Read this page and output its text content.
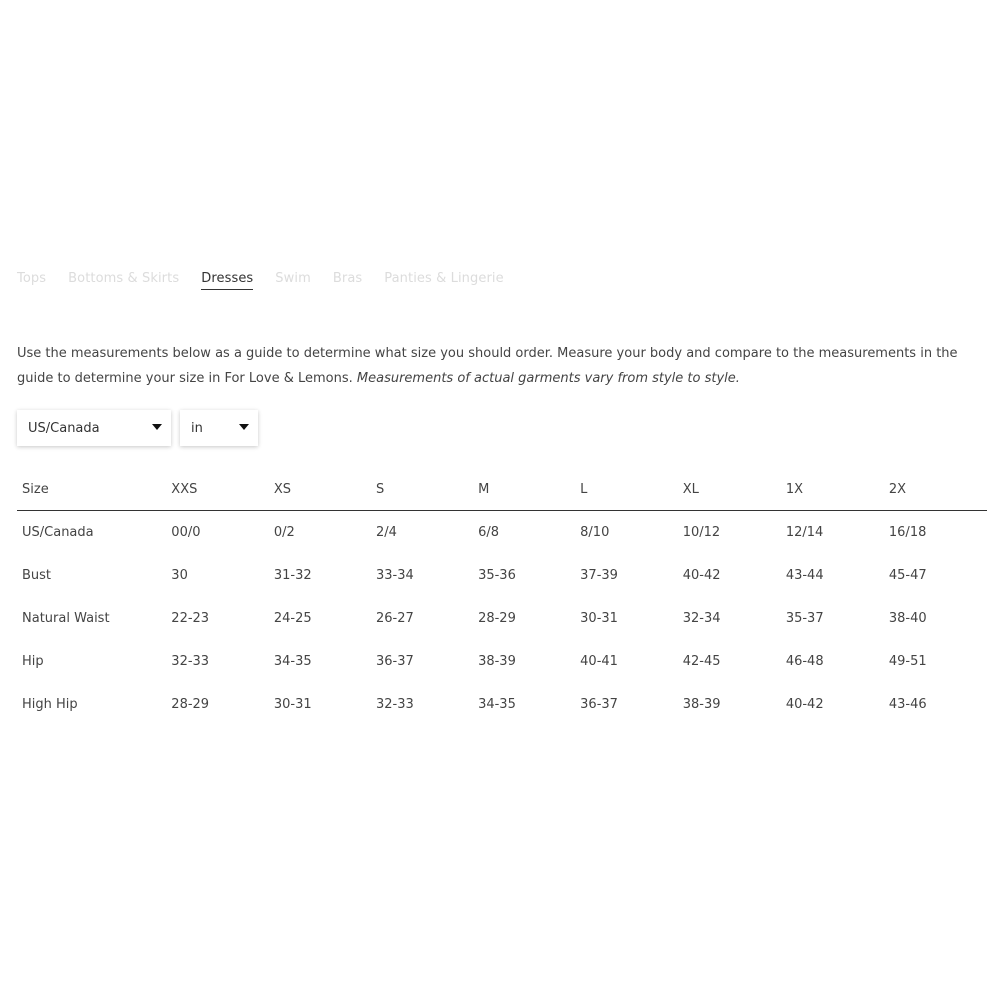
Tops Bottoms & Skirts Dresses Swim Bras Panties & Lingerie
Use the measurements below as a guide to determine what size you should order. Measure your body and compare to the measurements in the guide to determine your size in For Love & Lemons. Measurements of actual garments vary from style to style.
US/Canada	in
Size	XXS	XS	S	M	L	XL	1X	2X
US/Canada	00/0	0/2	2/4	6/8	8/10	10/12	12/14	16/18
Bust	30	31-32	33-34	35-36	37-39	40-42	43-44	45-47
Natural Waist	22-23	24-25	26-27	28-29	30-31	32-34	35-37	38-40
Hip	32-33	34-35	36-37	38-39	40-41	42-45	46-48	49-51
High Hip	28-29	30-31	32-33	34-35	36-37	38-39	40-42	43-46
